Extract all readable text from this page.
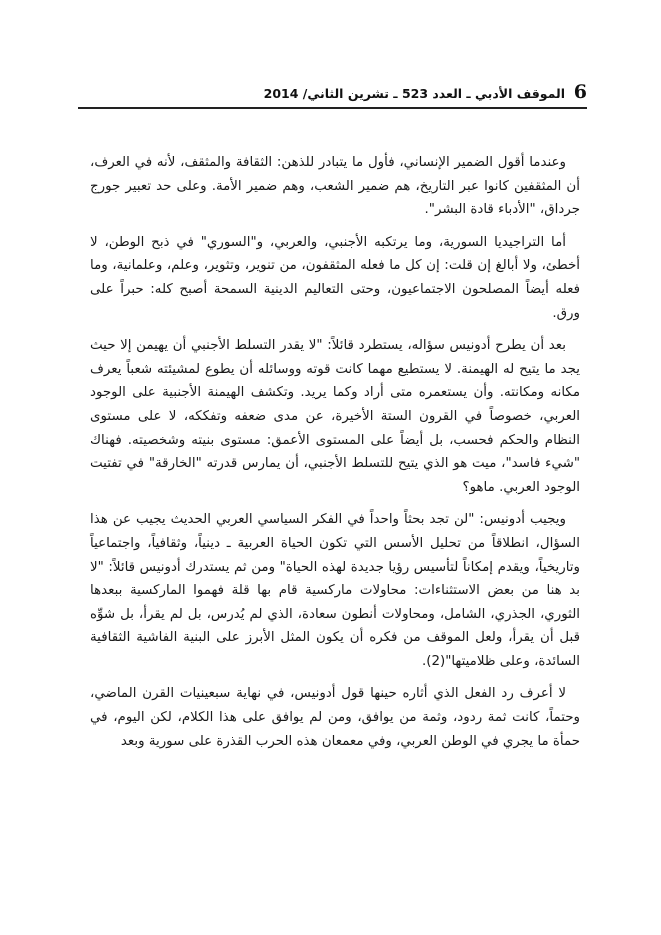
6
الموقف الأدبي ـ العدد 523 ـ تشرين الثاني/ 2014

وعندما أقول الضمير الإنساني، فأول ما يتبادر للذهن: الثقافة والمثقف، لأنه في العرف، أن المثقفين كانوا عبر التاريخ، هم ضمير الشعب، وهم ضمير الأمة. وعلى حد تعبير جورج جرداق، "الأدباء قادة البشر".

أما التراجيديا السورية، وما يرتكبه الأجنبي، والعربي، و"السوري" في ذبح الوطن، لا أخطئ، ولا أبالغ إن قلت: إن كل ما فعله المثقفون، من تنوير، وتثوير، وعلم، وعلمانية، وما فعله أيضاً المصلحون الاجتماعيون، وحتى التعاليم الدينية السمحة أصبح كله: حبراً على ورق.

بعد أن يطرح أدونيس سؤاله، يستطرد قائلاً: "لا يقدر التسلط الأجنبي أن يهيمن إلا حيث يجد ما يتيح له الهيمنة. لا يستطيع مهما كانت قوته ووسائله أن يطوع لمشيئته شعباً يعرف مكانه ومكانته. وأن يستعمره متى أراد وكما يريد. وتكشف الهيمنة الأجنبية على الوجود العربي، خصوصاً في القرون الستة الأخيرة، عن مدى ضعفه وتفككه، لا على مستوى النظام والحكم فحسب، بل أيضاً على المستوى الأعمق: مستوى بنيته وشخصيته. فهناك "شيء فاسد"، ميت هو الذي يتيح للتسلط الأجنبي، أن يمارس قدرته "الخارقة" في تفتيت الوجود العربي. ماهو؟

ويجيب أدونيس: "لن تجد بحثاً واحداً في الفكر السياسي العربي الحديث يجيب عن هذا السؤال، انطلاقاً من تحليل الأسس التي تكون الحياة العربية ـ دينياً، وثقافياً، واجتماعياً وتاريخياً، ويقدم إمكاناً لتأسيس رؤيا جديدة لهذه الحياة" ومن ثم يستدرك أدونيس قائلاً: "لا بد هنا من بعض الاستثناءات: محاولات ماركسية قام بها قلة فهموا الماركسية ببعدها الثوري، الجذري، الشامل، ومحاولات أنطون سعادة، الذي لم يُدرس، بل لم يقرأ، بل شوِّه قبل أن يقرأ، ولعل الموقف من فكره أن يكون المثل الأبرز على البنية الفاشية الثقافية السائدة، وعلى ظلاميتها"(2).

لا أعرف رد الفعل الذي أثاره حينها قول أدونيس، في نهاية سبعينيات القرن الماضي، وحتماً، كانت ثمة ردود، وثمة من يوافق، ومن لم يوافق على هذا الكلام، لكن اليوم، في حمأة ما يجري في الوطن العربي، وفي معمعان هذه الحرب القذرة على سورية وبعد
